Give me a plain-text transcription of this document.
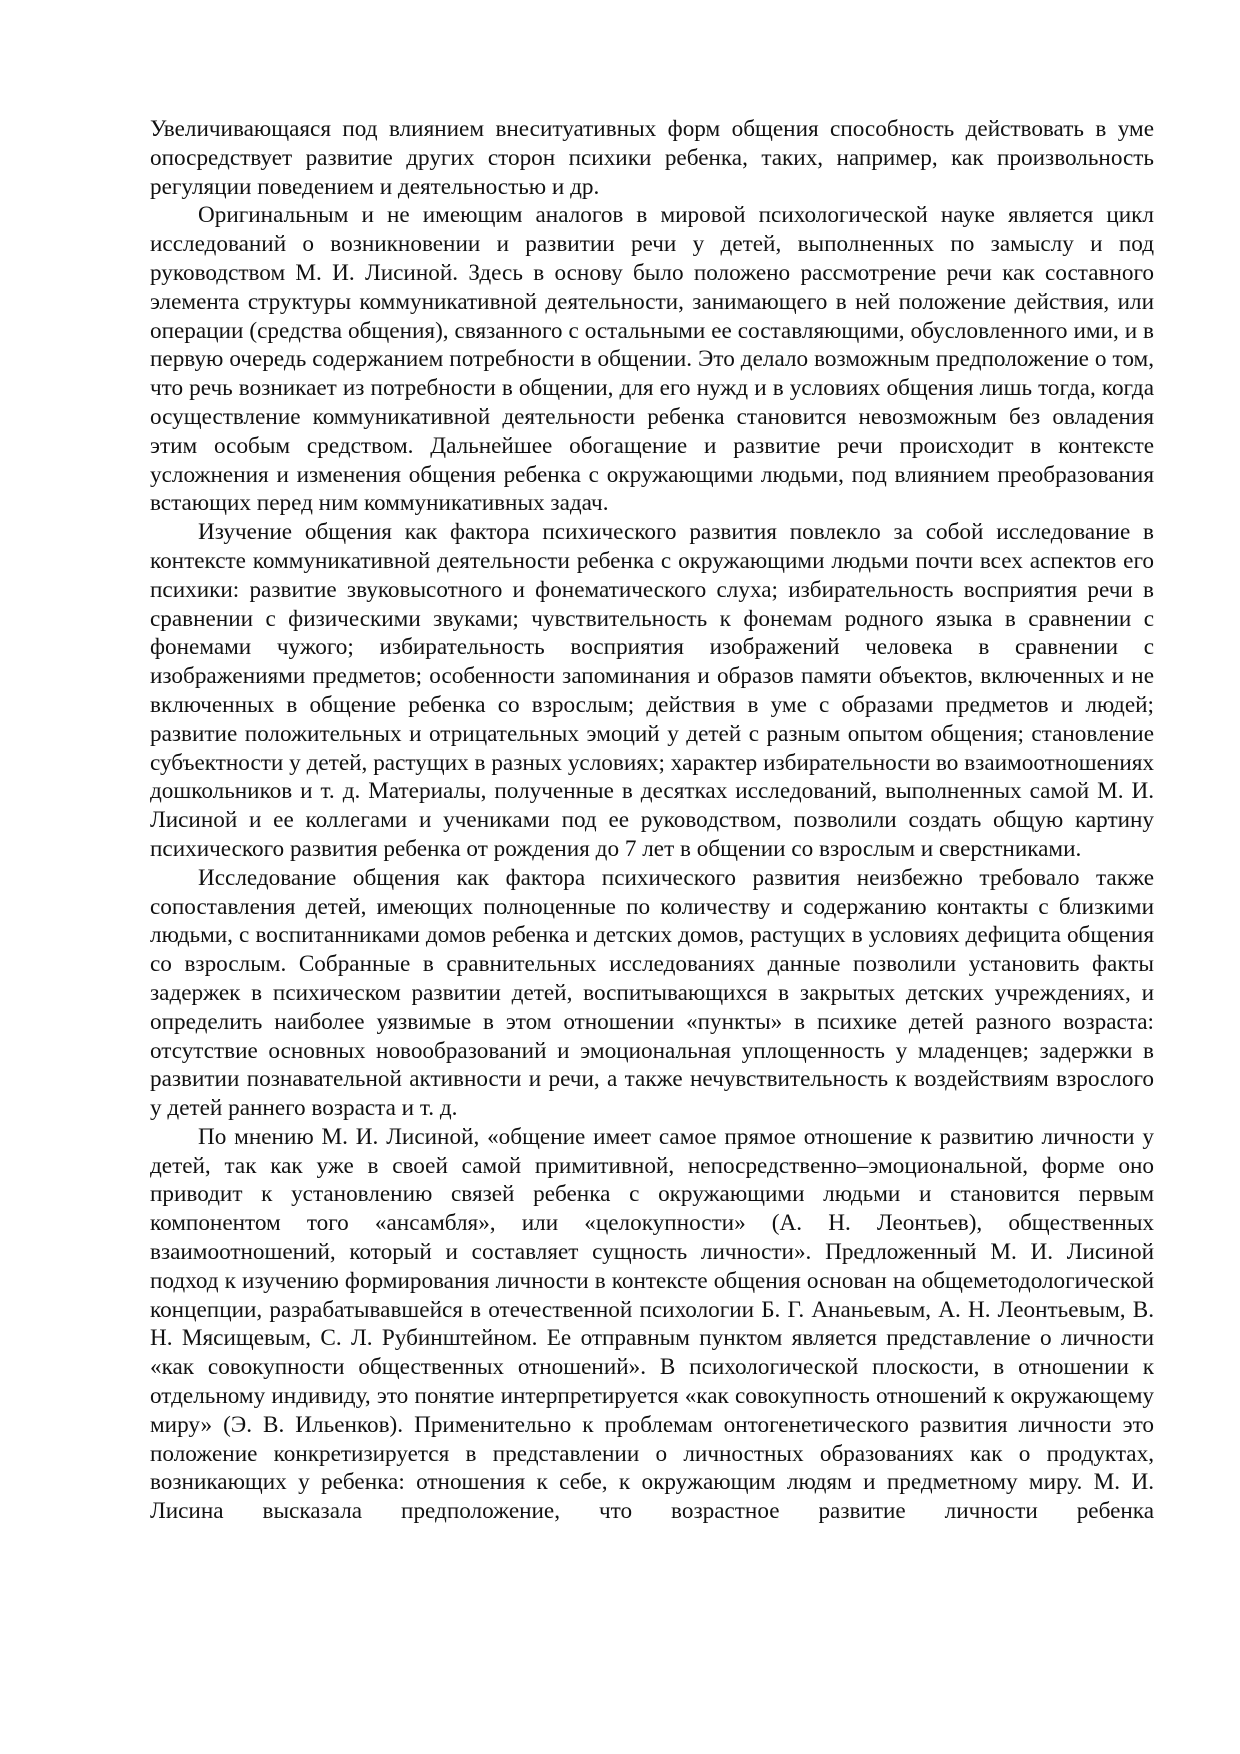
Увеличивающаяся под влиянием внеситуативных форм общения способность действовать в уме опосредствует развитие других сторон психики ребенка, таких, например, как произвольность регуляции поведением и деятельностью и др.

Оригинальным и не имеющим аналогов в мировой психологической науке является цикл исследований о возникновении и развитии речи у детей, выполненных по замыслу и под руководством М. И. Лисиной. Здесь в основу было положено рассмотрение речи как составного элемента структуры коммуникативной деятельности, занимающего в ней положение действия, или операции (средства общения), связанного с остальными ее составляющими, обусловленного ими, и в первую очередь содержанием потребности в общении. Это делало возможным предположение о том, что речь возникает из потребности в общении, для его нужд и в условиях общения лишь тогда, когда осуществление коммуникативной деятельности ребенка становится невозможным без овладения этим особым средством. Дальнейшее обогащение и развитие речи происходит в контексте усложнения и изменения общения ребенка с окружающими людьми, под влиянием преобразования встающих перед ним коммуникативных задач.

Изучение общения как фактора психического развития повлекло за собой исследование в контексте коммуникативной деятельности ребенка с окружающими людьми почти всех аспектов его психики: развитие звуковысотного и фонематического слуха; избирательность восприятия речи в сравнении с физическими звуками; чувствительность к фонемам родного языка в сравнении с фонемами чужого; избирательность восприятия изображений человека в сравнении с изображениями предметов; особенности запоминания и образов памяти объектов, включенных и не включенных в общение ребенка со взрослым; действия в уме с образами предметов и людей; развитие положительных и отрицательных эмоций у детей с разным опытом общения; становление субъектности у детей, растущих в разных условиях; характер избирательности во взаимоотношениях дошкольников и т. д. Материалы, полученные в десятках исследований, выполненных самой М. И. Лисиной и ее коллегами и учениками под ее руководством, позволили создать общую картину психического развития ребенка от рождения до 7 лет в общении со взрослым и сверстниками.

Исследование общения как фактора психического развития неизбежно требовало также сопоставления детей, имеющих полноценные по количеству и содержанию контакты с близкими людьми, с воспитанниками домов ребенка и детских домов, растущих в условиях дефицита общения со взрослым. Собранные в сравнительных исследованиях данные позволили установить факты задержек в психическом развитии детей, воспитывающихся в закрытых детских учреждениях, и определить наиболее уязвимые в этом отношении «пункты» в психике детей разного возраста: отсутствие основных новообразований и эмоциональная уплощенность у младенцев; задержки в развитии познавательной активности и речи, а также нечувствительность к воздействиям взрослого у детей раннего возраста и т. д.

По мнению М. И. Лисиной, «общение имеет самое прямое отношение к развитию личности у детей, так как уже в своей самой примитивной, непосредственно–эмоциональной, форме оно приводит к установлению связей ребенка с окружающими людьми и становится первым компонентом того «ансамбля», или «целокупности» (А. Н. Леонтьев), общественных взаимоотношений, который и составляет сущность личности». Предложенный М. И. Лисиной подход к изучению формирования личности в контексте общения основан на общеметодологической концепции, разрабатывавшейся в отечественной психологии Б. Г. Ананьевым, А. Н. Леонтьевым, В. Н. Мясищевым, С. Л. Рубинштейном. Ее отправным пунктом является представление о личности «как совокупности общественных отношений». В психологической плоскости, в отношении к отдельному индивиду, это понятие интерпретируется «как совокупность отношений к окружающему миру» (Э. В. Ильенков). Применительно к проблемам онтогенетического развития личности это положение конкретизируется в представлении о личностных образованиях как о продуктах, возникающих у ребенка: отношения к себе, к окружающим людям и предметному миру. М. И. Лисина высказала предположение, что возрастное развитие личности ребенка
